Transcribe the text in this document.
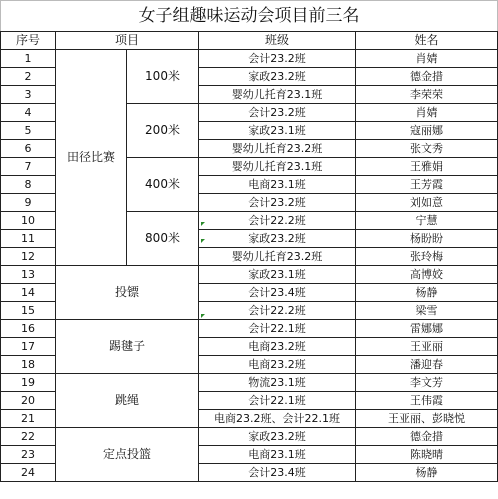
女子组趣味运动会项目前三名				
序号	项目		班级	姓名
1	田径比赛	100米	会计23.2班	肖婧
2			家政23.2班	德金措
3			婴幼儿托育23.1班	李荣荣
4		200米	会计23.2班	肖婧
5			家政23.1班	寇丽娜
6			婴幼儿托育23.2班	张文秀
7		400米	婴幼儿托育23.1班	王雅娟
8			电商23.1班	王芳霞
9			会计23.2班	刘如意
10		800米	会计22.2班	宁慧
11			家政23.2班	杨盼盼
12			婴幼儿托育23.2班	张玲梅
13	投镖		家政23.1班	高博姣
14			会计23.4班	杨静
15			会计22.2班	梁雪
16	踢毽子		会计22.1班	雷娜娜
17			电商23.2班	王亚丽
18			电商23.2班	潘迎春
19	跳绳		物流23.1班	李文芳
20			会计22.1班	王伟霞
21			电商23.2班、会计22.1班	王亚丽、彭晓悦
22	定点投篮		家政23.2班	德金措
23			电商23.1班	陈晓晴
24			会计23.4班	杨静
